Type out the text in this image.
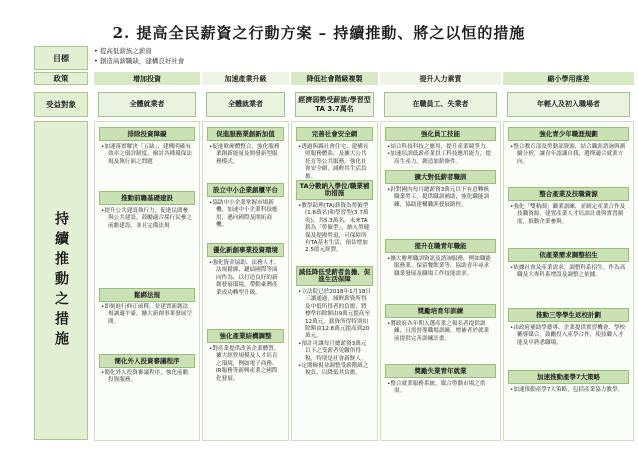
2. 提高全民薪資之行動方案 – 持續推動、將之以恒的措施
目標
• 提高低薪族之薪資
• 創造高薪職缺，建構良好社會
政策
受益對象
持續推動之措施
增加投資
全體就業者
排除投資障礙
• 加速落實解決「五缺」，建構明確有效率之環評制度，檢討各種環保法規及執行面之問題
推動前瞻基礎建設
• 提升公共建設執行力，促進民間參與公共建設，鼓勵適合採行民參之前瞻建設，並且完備法規
鬆綁法規
• 即刻進行修正函釋，並建置新創法規調適平臺，擴大新創事業發展空間。
簡化外人投資審議程序
• 簡化外人投資審議程序，強化前瞻投資服務。
加速產業升級
全體就業者
促進服務業創新加值
• 促進軟硬體整合，強化服務業創新能量及開發新型服務模式。
設立中小企業創櫃平台
• 協助中小企業掌握市場新機，加速中小企業科技應用，邁向國際及開拓商機。
優化新創事業投資環境
• 強化資金協助、法務人才、法規鬆綁、鏈結國際等面向作為，以打造良好的新創發展環境，帶動臺灣產業成功轉型升級。
強化產業結構調整
• 對產業提供改善企業體質、擴大經營規模及人才培育之環境，例如電子商務、IR服務等新興產業之國際化發展。
降低社會階級複製
經濟弱勢受薪族/學習型TA 3.7萬名
完善社會安全網
• 透過與縣社會住宅、建構長照服務體系、及擴大公共托育等公共服務，強化社會安全網，減輕其生活負擔。
TA分數納入學位/職業補助措施
• 教學助理(TA)薪資為勞僱型(1.6萬名)和學習型(3.7萬名)，共5.3萬名。未來TA薪為「勞僱型」，納入勞健保及提撥勞退，可保障所有TA基本生活，預估增加2.5億元經費。
減低降低受薪者負擔、促進生活保障
• 立法院已於2018年1月18日三讀通過，減輕薪資所得及中低所得者的負擔，將標準扣除額由9萬元提高至12萬元，薪資所得特別扣除額由12.8萬元提高到20萬元。
• 預計可讓每月總薪資3萬元以下之受薪者免繳所得稅，特別是社會新鮮人。
• 定期檢視並調整受薪階級之稅負，以降低其負擔。
提升人力素質
在職員工、失業者
強化員工技能
• 結合科技科技之應用，提升產業競爭力。
• 加速培訓低薪產業員工科技應用能力，提高生產力，創造加薪條件。
擴大對低薪者職訓
• 針對國內每月總薪資3萬元以下有意轉換職業勞工，提供職訓補助，強化職能訓練，協助建構職涯發展路徑。
提升在職青年職能
• 擴大辦理職訓資訊及諮詢服務，例如職能服務業、保留餐飲業等，協助青年尋求職業發展及職場工作技能需求。
獎勵培育年訓練
• 將政府各年期入選產業之報名者提供訓練，且需督導職場訓練，增補者於就業前提供完善訓練計畫。
獎勵失業青年就業
• 整合就業服務系統，媒合勞動市場之供需。
縮小學用落差
年輕人及初入職場者
強化青少年職涯規劃
• 整合教育部及勞動部資源，結合職涯諮詢與測驗分析，讓青年認識自我，選擇適合就業方向。
整合產業及技職資源
• 強化「雙軌制」職業訓練，並制定產業合作及技職資源，建置產業人才培訓計畫與實習制度，推動企業參與。
依產業需求調整招生
• 依據社會及產業需求，調整科系招生，作為高職及大專科系增設及調整之依據。
推動三等學生返校計劃
• 由政府補助學藝專、企業提供實習機會、學校輔導媒合，鼓勵投入產學合作，使技職人才能及早熟悉職場。
加速推動產學7大策略
• 加速推動產學7大策略，包括產業協力教學。
